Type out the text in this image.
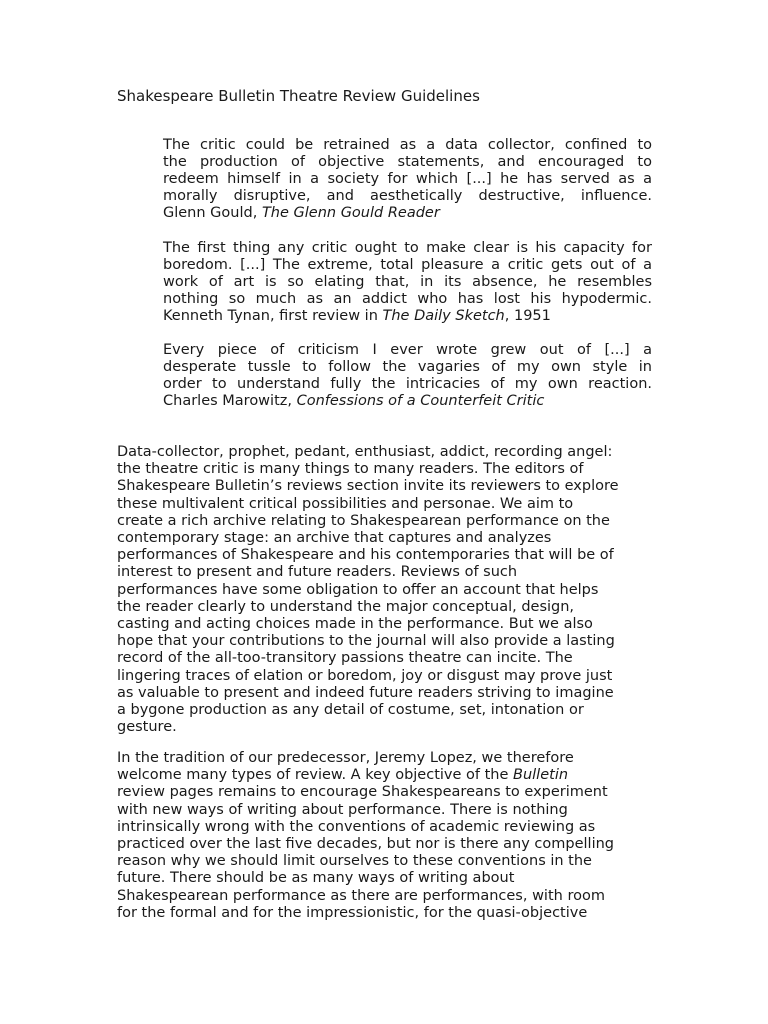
Shakespeare Bulletin Theatre Review Guidelines
The critic could be retrained as a data collector, confined to
the production of objective statements, and encouraged to
redeem himself in a society for which [...] he has served as a
morally disruptive, and aesthetically destructive, influence.
Glenn Gould, The Glenn Gould Reader
The first thing any critic ought to make clear is his capacity for
boredom. [...] The extreme, total pleasure a critic gets out of a
work of art is so elating that, in its absence, he resembles
nothing so much as an addict who has lost his hypodermic.
Kenneth Tynan, first review in The Daily Sketch, 1951
Every piece of criticism I ever wrote grew out of [...] a
desperate tussle to follow the vagaries of my own style in
order to understand fully the intricacies of my own reaction.
Charles Marowitz, Confessions of a Counterfeit Critic
Data-collector, prophet, pedant, enthusiast, addict, recording angel:
the theatre critic is many things to many readers. The editors of
Shakespeare Bulletin’s reviews section invite its reviewers to explore
these multivalent critical possibilities and personae. We aim to
create a rich archive relating to Shakespearean performance on the
contemporary stage: an archive that captures and analyzes
performances of Shakespeare and his contemporaries that will be of
interest to present and future readers. Reviews of such
performances have some obligation to offer an account that helps
the reader clearly to understand the major conceptual, design,
casting and acting choices made in the performance. But we also
hope that your contributions to the journal will also provide a lasting
record of the all-too-transitory passions theatre can incite. The
lingering traces of elation or boredom, joy or disgust may prove just
as valuable to present and indeed future readers striving to imagine
a bygone production as any detail of costume, set, intonation or
gesture.
In the tradition of our predecessor, Jeremy Lopez, we therefore
welcome many types of review. A key objective of the Bulletin
review pages remains to encourage Shakespeareans to experiment
with new ways of writing about performance. There is nothing
intrinsically wrong with the conventions of academic reviewing as
practiced over the last five decades, but nor is there any compelling
reason why we should limit ourselves to these conventions in the
future. There should be as many ways of writing about
Shakespearean performance as there are performances, with room
for the formal and for the impressionistic, for the quasi-objective
